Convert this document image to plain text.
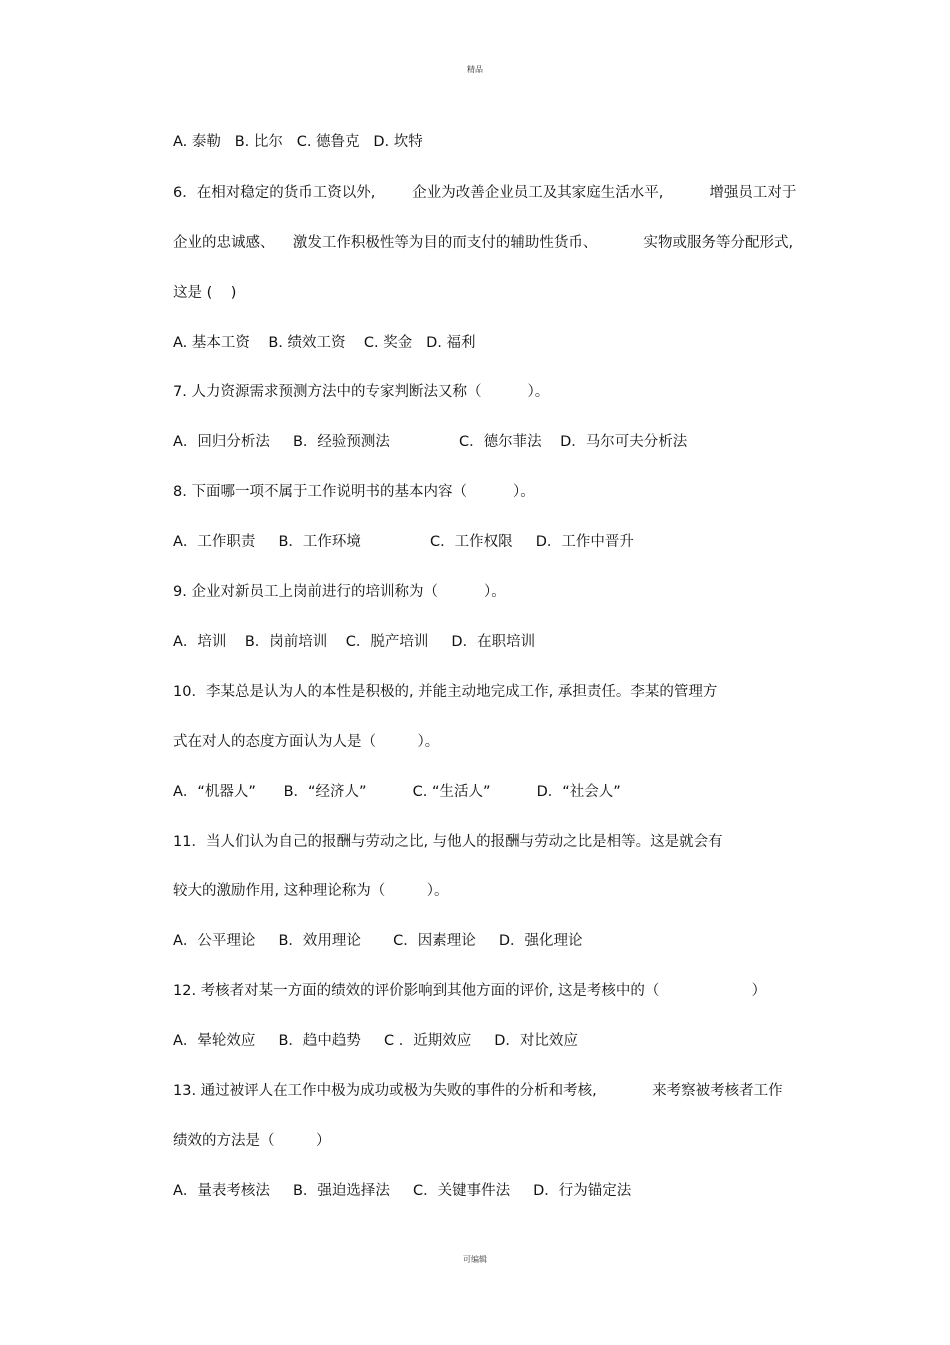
精品
A. 泰勒   B. 比尔   C. 德鲁克   D. 坎特
6．在相对稳定的货币工资以外,        企业为改善企业员工及其家庭生活水平,          增强员工对于
企业的忠诚感、    激发工作积极性等为目的而支付的辅助性货币、          实物或服务等分配形式,
这是 (    )
A. 基本工资    B. 绩效工资    C. 奖金   D. 福利
7. 人力资源需求预测方法中的专家判断法又称（          ）。
A．回归分析法     B．经验预测法               C．德尔菲法    D．马尔可夫分析法
8. 下面哪一项不属于工作说明书的基本内容（          ）。
A．工作职责     B．工作环境               C．工作权限     D．工作中晋升
9. 企业对新员工上岗前进行的培训称为（          ）。
A．培训    B．岗前培训    C．脱产培训     D．在职培训
10．李某总是认为人的本性是积极的, 并能主动地完成工作, 承担责任。李某的管理方
式在对人的态度方面认为人是（         ）。
A．“机器人”      B．“经济人”          C. “生活人”          D．“社会人”
11．当人们认为自己的报酬与劳动之比, 与他人的报酬与劳动之比是相等。这是就会有
较大的激励作用, 这种理论称为（         ）。
A．公平理论     B．效用理论       C．因素理论     D．强化理论
12. 考核者对某一方面的绩效的评价影响到其他方面的评价, 这是考核中的（                    ）
A．晕轮效应     B．趋中趋势     C ．近期效应     D．对比效应
13. 通过被评人在工作中极为成功或极为失败的事件的分析和考核,            来考察被考核者工作
绩效的方法是（         ）
A．量表考核法     B．强迫选择法     C．关键事件法     D．行为锚定法
可编辑
